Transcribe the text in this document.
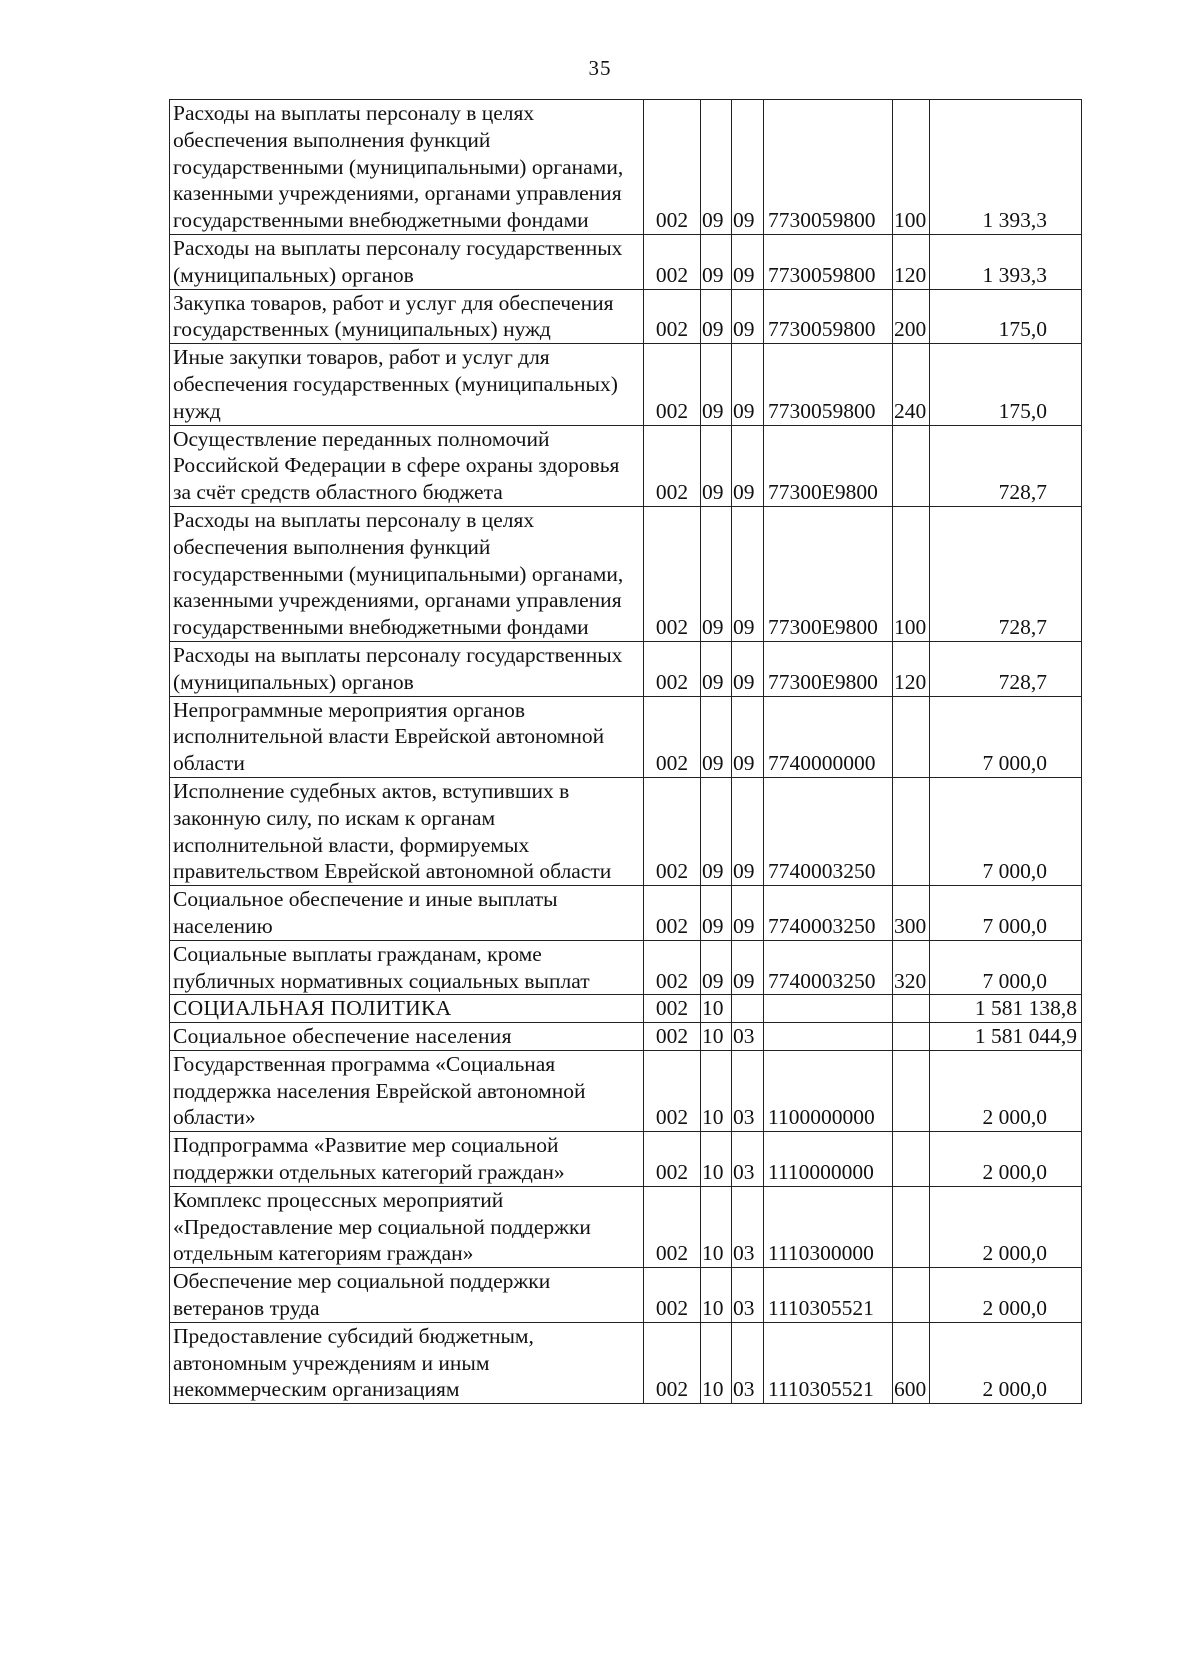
35
Расходы на выплаты персоналу в целях обеспечения выполнения функций государственными (муниципальными) органами, казенными учреждениями, органами управления государственными внебюджетными фондами	002	09	09	7730059800	100	1 393,3
Расходы на выплаты персоналу государственных (муниципальных) органов	002	09	09	7730059800	120	1 393,3
Закупка товаров, работ и услуг для обеспечения государственных (муниципальных) нужд	002	09	09	7730059800	200	175,0
Иные закупки товаров, работ и услуг для обеспечения государственных (муниципальных) нужд	002	09	09	7730059800	240	175,0
Осуществление переданных полномочий Российской Федерации в сфере охраны здоровья за счёт средств областного бюджета	002	09	09	77300E9800		728,7
Расходы на выплаты персоналу в целях обеспечения выполнения функций государственными (муниципальными) органами, казенными учреждениями, органами управления государственными внебюджетными фондами	002	09	09	77300E9800	100	728,7
Расходы на выплаты персоналу государственных (муниципальных) органов	002	09	09	77300E9800	120	728,7
Непрограммные мероприятия органов исполнительной власти Еврейской автономной области	002	09	09	7740000000		7 000,0
Исполнение судебных актов, вступивших в законную силу, по искам к органам исполнительной власти, формируемых правительством Еврейской автономной области	002	09	09	7740003250		7 000,0
Социальное обеспечение и иные выплаты населению	002	09	09	7740003250	300	7 000,0
Социальные выплаты гражданам, кроме публичных нормативных социальных выплат	002	09	09	7740003250	320	7 000,0
СОЦИАЛЬНАЯ ПОЛИТИКА	002	10				1 581 138,8
Социальное обеспечение населения	002	10	03			1 581 044,9
Государственная программа «Социальная поддержка населения Еврейской автономной области»	002	10	03	1100000000		2 000,0
Подпрограмма «Развитие мер социальной поддержки отдельных категорий граждан»	002	10	03	1110000000		2 000,0
Комплекс процессных мероприятий «Предоставление мер социальной поддержки отдельным категориям граждан»	002	10	03	1110300000		2 000,0
Обеспечение мер социальной поддержки ветеранов труда	002	10	03	1110305521		2 000,0
Предоставление субсидий бюджетным, автономным учреждениям и иным некоммерческим организациям	002	10	03	1110305521	600	2 000,0
